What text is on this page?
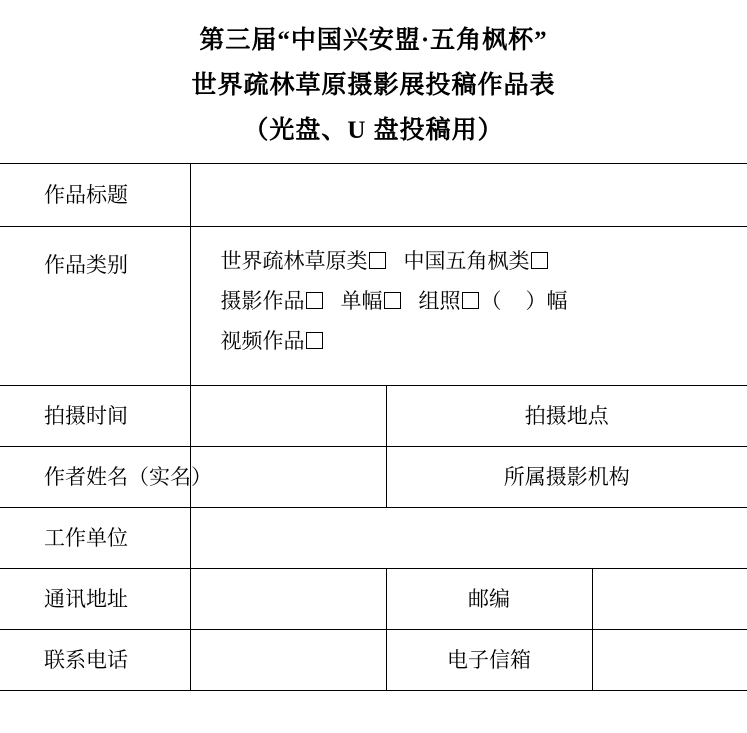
第三届“中国兴安盟·五角枫杯”
世界疏林草原摄影展投稿作品表
（光盘、U 盘投稿用）
作品标题			

作品类别	世界疏林草原类 中国五角枫类
摄影作品 单幅 组照 （ ）幅
视频作品		

拍摄时间		拍摄地点	

作者姓名（实名）		所属摄影机构	

工作单位			

通讯地址		邮编	

联系电话		电子信箱	
